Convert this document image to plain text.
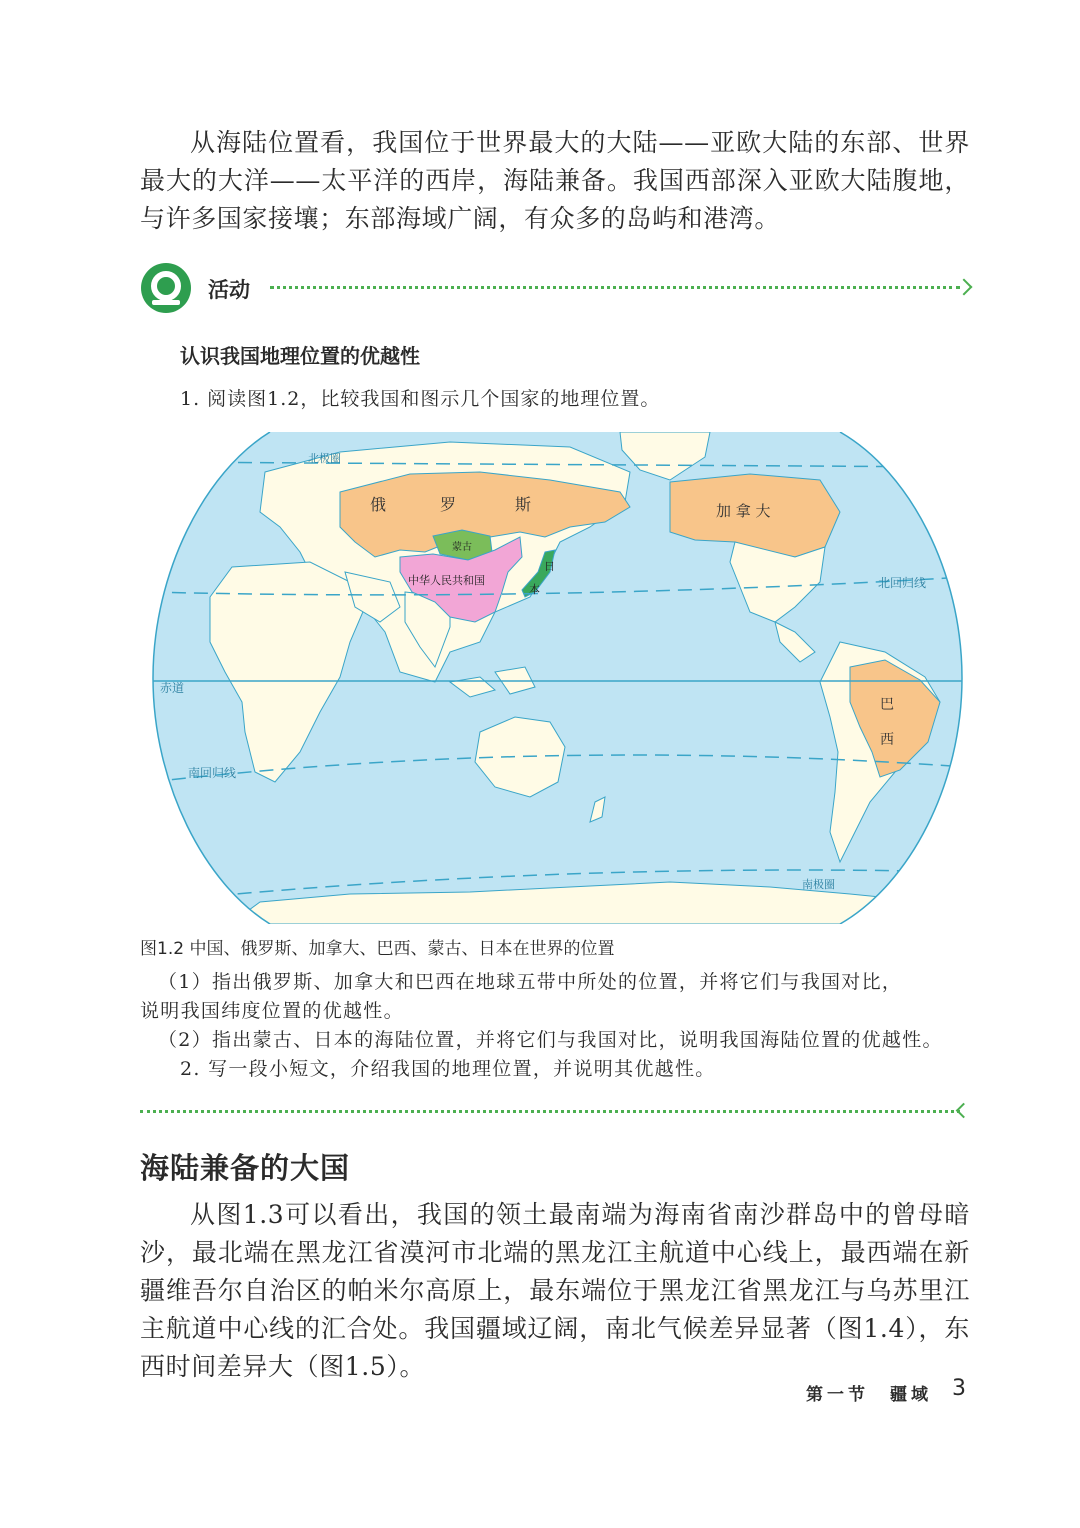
从海陆位置看，我国位于世界最大的大陆——亚欧大陆的东部、世界最大的大洋——太平洋的西岸，海陆兼备。我国西部深入亚欧大陆腹地，与许多国家接壤；东部海域广阔，有众多的岛屿和港湾。

活动
认识我国地理位置的优越性
1. 阅读图1.2，比较我国和图示几个国家的地理位置。
北极圈
北回归线
赤道
南回归线
南极圈
俄	罗	斯	加 拿 大
蒙古
中华人民共和国
日
本
巴
西
图1.2 中国、俄罗斯、加拿大、巴西、蒙古、日本在世界的位置
（1）指出俄罗斯、加拿大和巴西在地球五带中所处的位置，并将它们与我国对比，
说明我国纬度位置的优越性。
（2）指出蒙古、日本的海陆位置，并将它们与我国对比，说明我国海陆位置的优越性。
2. 写一段小短文，介绍我国的地理位置，并说明其优越性。
海陆兼备的大国

从图1.3可以看出，我国的领土最南端为海南省南沙群岛中的曾母暗沙，最北端在黑龙江省漠河市北端的黑龙江主航道中心线上，最西端在新疆维吾尔自治区的帕米尔高原上，最东端位于黑龙江省黑龙江与乌苏里江主航道中心线的汇合处。我国疆域辽阔，南北气候差异显著（图1.4），东西时间差异大（图1.5）。

第一节　疆域 3
